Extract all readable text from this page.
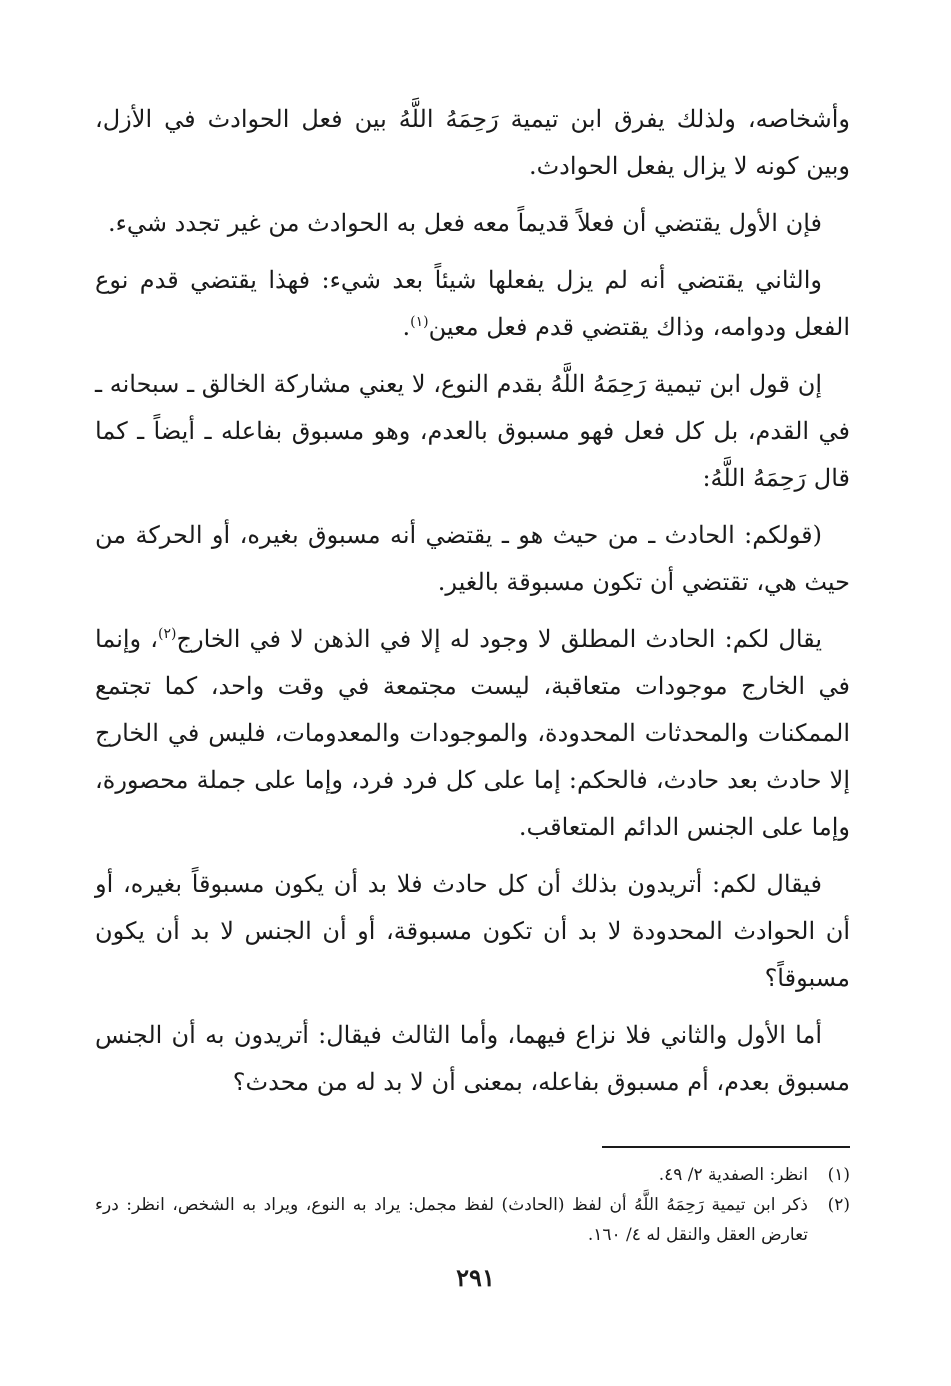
وأشخاصه، ولذلك يفرق ابن تيمية رَحِمَهُ اللَّهُ بين فعل الحوادث في الأزل، وبين كونه لا يزال يفعل الحوادث.

فإن الأول يقتضي أن فعلاً قديماً معه فعل به الحوادث من غير تجدد شيء.

والثاني يقتضي أنه لم يزل يفعلها شيئاً بعد شيء: فهذا يقتضي قدم نوع الفعل ودوامه، وذاك يقتضي قدم فعل معين$^{(١)}$.

إن قول ابن تيمية رَحِمَهُ اللَّهُ بقدم النوع، لا يعني مشاركة الخالق ـ سبحانه ـ في القدم، بل كل فعل فهو مسبوق بالعدم، وهو مسبوق بفاعله ـ أيضاً ـ كما قال رَحِمَهُ اللَّهُ:

(قولكم: الحادث ـ من حيث هو ـ يقتضي أنه مسبوق بغيره، أو الحركة من حيث هي، تقتضي أن تكون مسبوقة بالغير.

يقال لكم: الحادث المطلق لا وجود له إلا في الذهن لا في الخارج$^{(٢)}$، وإنما في الخارج موجودات متعاقبة، ليست مجتمعة في وقت واحد، كما تجتمع الممكنات والمحدثات المحدودة، والموجودات والمعدومات، فليس في الخارج إلا حادث بعد حادث، فالحكم: إما على كل فرد فرد، وإما على جملة محصورة، وإما على الجنس الدائم المتعاقب.

فيقال لكم: أتريدون بذلك أن كل حادث فلا بد أن يكون مسبوقاً بغيره، أو أن الحوادث المحدودة لا بد أن تكون مسبوقة، أو أن الجنس لا بد أن يكون مسبوقاً؟

أما الأول والثاني فلا نزاع فيهما، وأما الثالث فيقال: أتريدون به أن الجنس مسبوق بعدم، أم مسبوق بفاعله، بمعنى أن لا بد له من محدث؟

(١)
انظر: الصفدية ٢/ ٤٩.

(٢)
ذكر ابن تيمية رَحِمَهُ اللَّهُ أن لفظ (الحادث) لفظ مجمل: يراد به النوع، ويراد به الشخص، انظر: درء تعارض العقل والنقل له ٤/ ١٦٠.

٢٩١
